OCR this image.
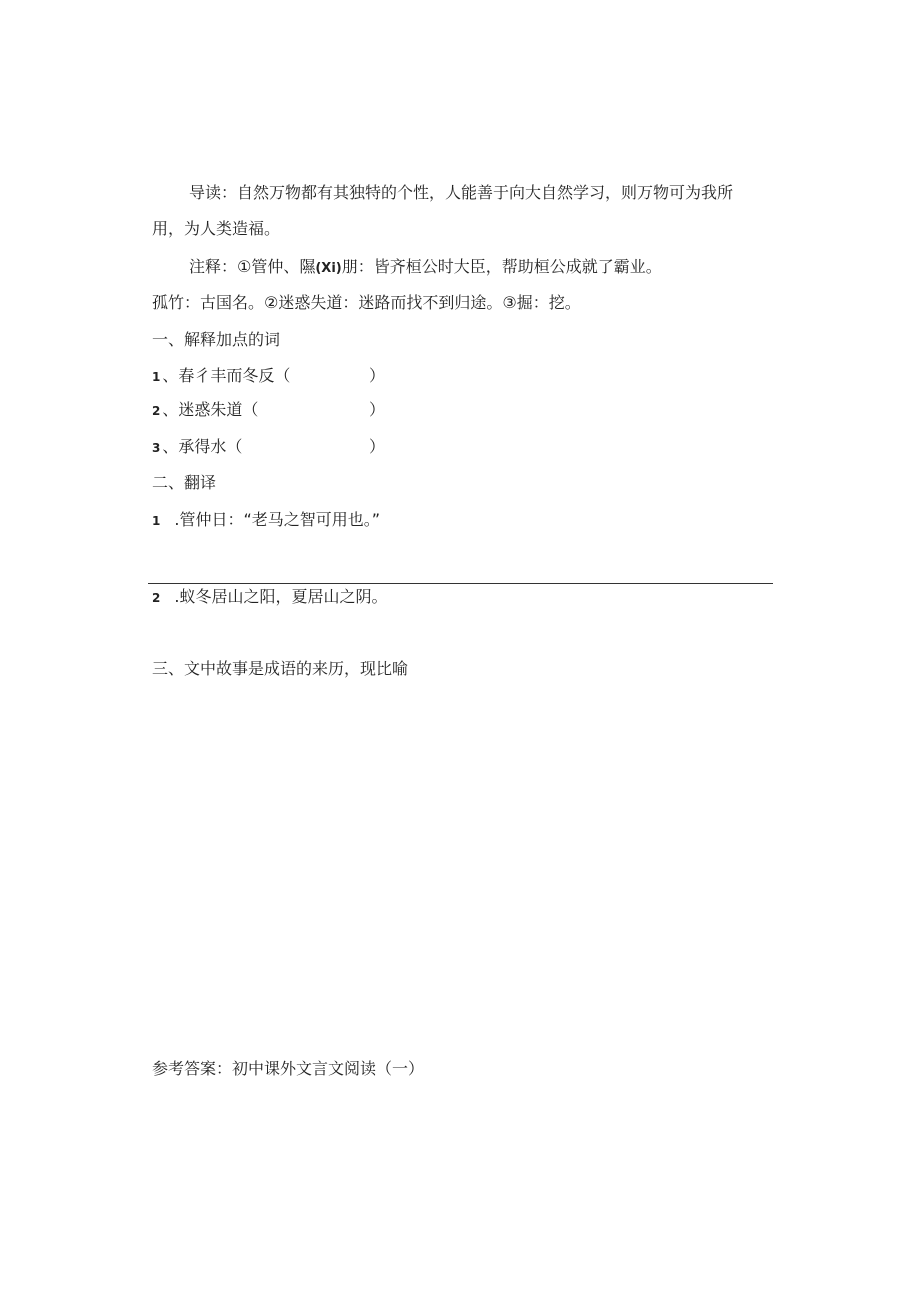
导读：自然万物都有其独特的个性，人能善于向大自然学习，则万物可为我所
用，为人类造福。
注释：①管仲、隰(Xi)朋：皆齐桓公时大臣，帮助桓公成就了霸业。
孤竹：古国名。②迷惑失道：迷路而找不到归途。③掘：挖。
一、解释加点的词
1 、春彳丰而冬反（	）
2 、迷惑朱道（	）
3 、承得水（	）
二、翻译
1 .管仲日：“老马之智可用也。”
2 .蚁冬居山之阳，夏居山之阴。
三、文中故事是成语的来历，现比喻
参考答案：初中课外文言文阅读（一）
